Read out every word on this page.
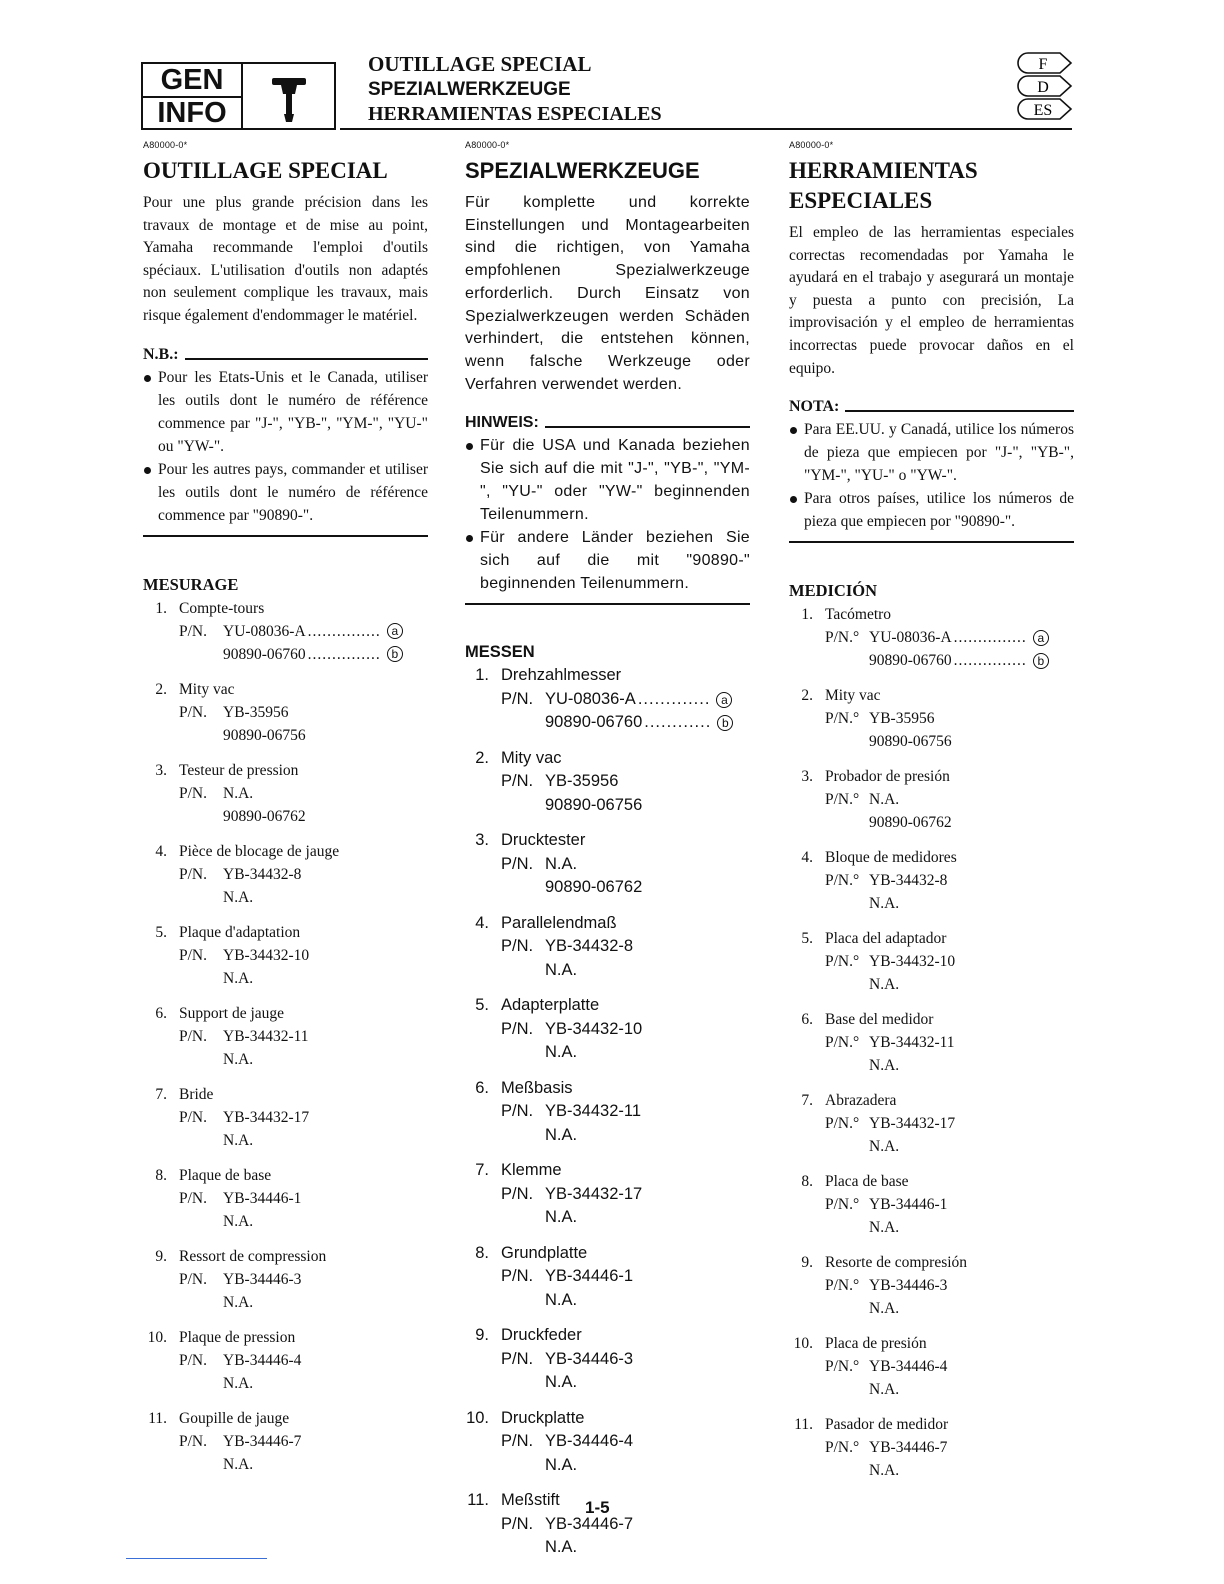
GEN
INFO
OUTILLAGE SPECIAL
SPEZIALWERKZEUGE
HERRAMIENTAS ESPECIALES
F
D
ES
A80000-0*
OUTILLAGE SPECIAL
Pour une plus grande précision dans les travaux de montage et de mise au point, Yamaha recommande l'emploi d'outils spéciaux. L'utilisation d'outils non adaptés non seulement complique les travaux, mais risque également d'endommager le matériel.
N.B.:
Pour les Etats-Unis et le Canada, utiliser les outils dont le numéro de référence commence par "J-", "YB-", "YM-", "YU-" ou "YW-".
Pour les autres pays, commander et utiliser les outils dont le numéro de référence commence par "90890-".
MESURAGE
1. Compte-tours
P/N.	YU-08036-A ............... a
90890-06760 ............... b
2. Mity vac
P/N.	YB-35956
90890-06756
3. Testeur de pression
P/N.	N.A.
90890-06762
4. Pièce de blocage de jauge
P/N.	YB-34432-8
N.A.
5. Plaque d'adaptation
P/N.	YB-34432-10
N.A.
6. Support de jauge
P/N.	YB-34432-11
N.A.
7. Bride
P/N.	YB-34432-17
N.A.
8. Plaque de base
P/N.	YB-34446-1
N.A.
9. Ressort de compression
P/N.	YB-34446-3
N.A.
10. Plaque de pression
P/N.	YB-34446-4
N.A.
11. Goupille de jauge
P/N.	YB-34446-7
N.A.
A80000-0*
SPEZIALWERKZEUGE
Für komplette und korrekte Einstellungen und Montagearbeiten sind die richtigen, von Yamaha empfohlenen Spezialwerkzeuge erforderlich. Durch Einsatz von Spezialwerkzeugen werden Schäden verhindert, die entstehen können, wenn falsche Werkzeuge oder Verfahren verwendet werden.
HINWEIS:
Für die USA und Kanada beziehen Sie sich auf die mit "J-", "YB-", "YM-", "YU-" oder "YW-" beginnenden Teilenummern.
Für andere Länder beziehen Sie sich auf die mit "90890-" beginnenden Teilenummern.
MESSEN
1. Drehzahlmesser
P/N. YU-08036-A ............. a
90890-06760 ............ b
2. Mity vac
P/N. YB-35956
90890-06756
3. Drucktester
P/N. N.A.
90890-06762
4. Parallelendmaß
P/N. YB-34432-8
N.A.
5. Adapterplatte
P/N. YB-34432-10
N.A.
6. Meßbasis
P/N. YB-34432-11
N.A.
7. Klemme
P/N. YB-34432-17
N.A.
8. Grundplatte
P/N. YB-34446-1
N.A.
9. Druckfeder
P/N. YB-34446-3
N.A.
10. Druckplatte
P/N. YB-34446-4
N.A.
11. Meßstift
P/N. YB-34446-7
N.A.
A80000-0*
HERRAMIENTAS ESPECIALES
El empleo de las herramientas especiales correctas recomendadas por Yamaha le ayudará en el trabajo y asegurará un montaje y puesta a punto con precisión, La improvisación y el empleo de herramientas incorrectas puede provocar daños en el equipo.
NOTA:
Para EE.UU. y Canadá, utilice los números de pieza que empiecen por "J-", "YB-", "YM-", "YU-" o "YW-".
Para otros países, utilice los números de pieza que empiecen por "90890-".
MEDICIÓN
1. Tacómetro
P/N.° YU-08036-A ............... a
90890-06760 ............... b
2. Mity vac
P/N.° YB-35956
90890-06756
3. Probador de presión
P/N.° N.A.
90890-06762
4. Bloque de medidores
P/N.° YB-34432-8
N.A.
5. Placa del adaptador
P/N.° YB-34432-10
N.A.
6. Base del medidor
P/N.° YB-34432-11
N.A.
7. Abrazadera
P/N.° YB-34432-17
N.A.
8. Placa de base
P/N.° YB-34446-1
N.A.
9. Resorte de compresión
P/N.° YB-34446-3
N.A.
10. Placa de presión
P/N.° YB-34446-4
N.A.
11. Pasador de medidor
P/N.° YB-34446-7
N.A.
1-5
